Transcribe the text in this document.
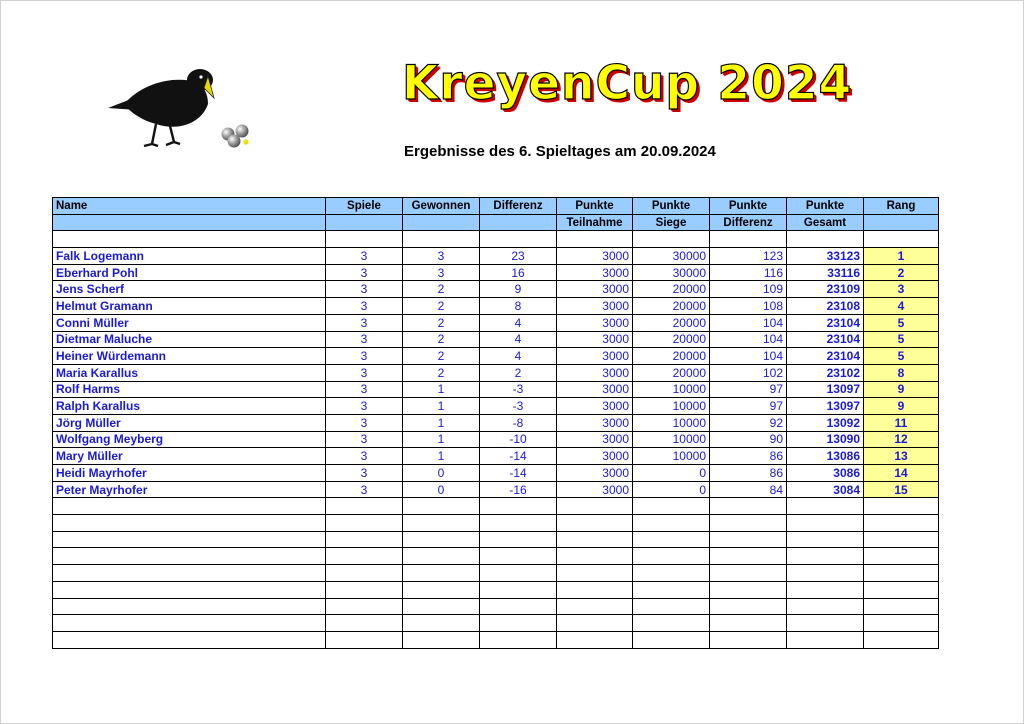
KreyenCup 2024
Ergebnisse des 6. Spieltages am 20.09.2024
Name	Spiele	Gewonnen	Differenz	Punkte	Punkte	Punkte	Punkte	Rang
				Teilnahme	Siege	Differenz	Gesamt	

Falk Logemann	3	3	23	3000	30000	123	33123	1
Eberhard Pohl	3	3	16	3000	30000	116	33116	2
Jens Scherf	3	2	9	3000	20000	109	23109	3
Helmut Gramann	3	2	8	3000	20000	108	23108	4
Conni Müller	3	2	4	3000	20000	104	23104	5
Dietmar Maluche	3	2	4	3000	20000	104	23104	5
Heiner Würdemann	3	2	4	3000	20000	104	23104	5
Maria Karallus	3	2	2	3000	20000	102	23102	8
Rolf Harms	3	1	-3	3000	10000	97	13097	9
Ralph Karallus	3	1	-3	3000	10000	97	13097	9
Jörg Müller	3	1	-8	3000	10000	92	13092	11
Wolfgang Meyberg	3	1	-10	3000	10000	90	13090	12
Mary Müller	3	1	-14	3000	10000	86	13086	13
Heidi Mayrhofer	3	0	-14	3000	0	86	3086	14
Peter Mayrhofer	3	0	-16	3000	0	84	3084	15
